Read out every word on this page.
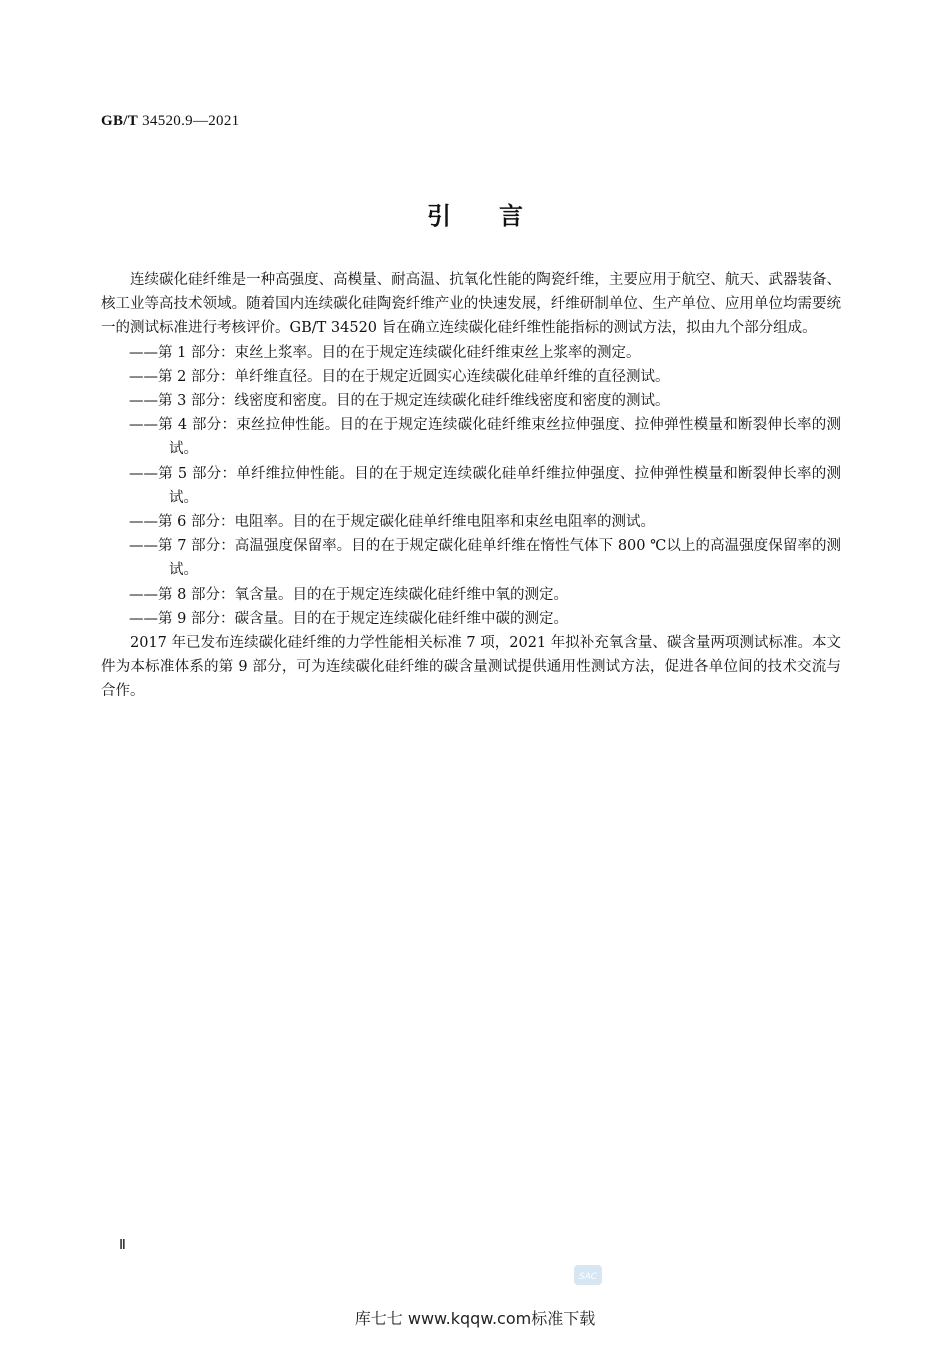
GB/T 34520.9—2021
引言

连续碳化硅纤维是一种高强度、高模量、耐高温、抗氧化性能的陶瓷纤维，主要应用于航空、航天、武器装备、核工业等高技术领域。随着国内连续碳化硅陶瓷纤维产业的快速发展，纤维研制单位、生产单位、应用单位均需要统一的测试标准进行考核评价。GB/T 34520 旨在确立连续碳化硅纤维性能指标的测试方法，拟由九个部分组成。

——第 1 部分：束丝上浆率。目的在于规定连续碳化硅纤维束丝上浆率的测定。

——第 2 部分：单纤维直径。目的在于规定近圆实心连续碳化硅单纤维的直径测试。

——第 3 部分：线密度和密度。目的在于规定连续碳化硅纤维线密度和密度的测试。

——第 4 部分：束丝拉伸性能。目的在于规定连续碳化硅纤维束丝拉伸强度、拉伸弹性模量和断裂伸长率的测试。

——第 5 部分：单纤维拉伸性能。目的在于规定连续碳化硅单纤维拉伸强度、拉伸弹性模量和断裂伸长率的测试。

——第 6 部分：电阻率。目的在于规定碳化硅单纤维电阻率和束丝电阻率的测试。

——第 7 部分：高温强度保留率。目的在于规定碳化硅单纤维在惰性气体下 800 ℃以上的高温强度保留率的测试。

——第 8 部分：氧含量。目的在于规定连续碳化硅纤维中氧的测定。

——第 9 部分：碳含量。目的在于规定连续碳化硅纤维中碳的测定。

2017 年已发布连续碳化硅纤维的力学性能相关标准 7 项，2021 年拟补充氧含量、碳含量两项测试标准。本文件为本标准体系的第 9 部分，可为连续碳化硅纤维的碳含量测试提供通用性测试方法，促进各单位间的技术交流与合作。

Ⅱ
SAC
库七七 www.kqqw.com标准下载
